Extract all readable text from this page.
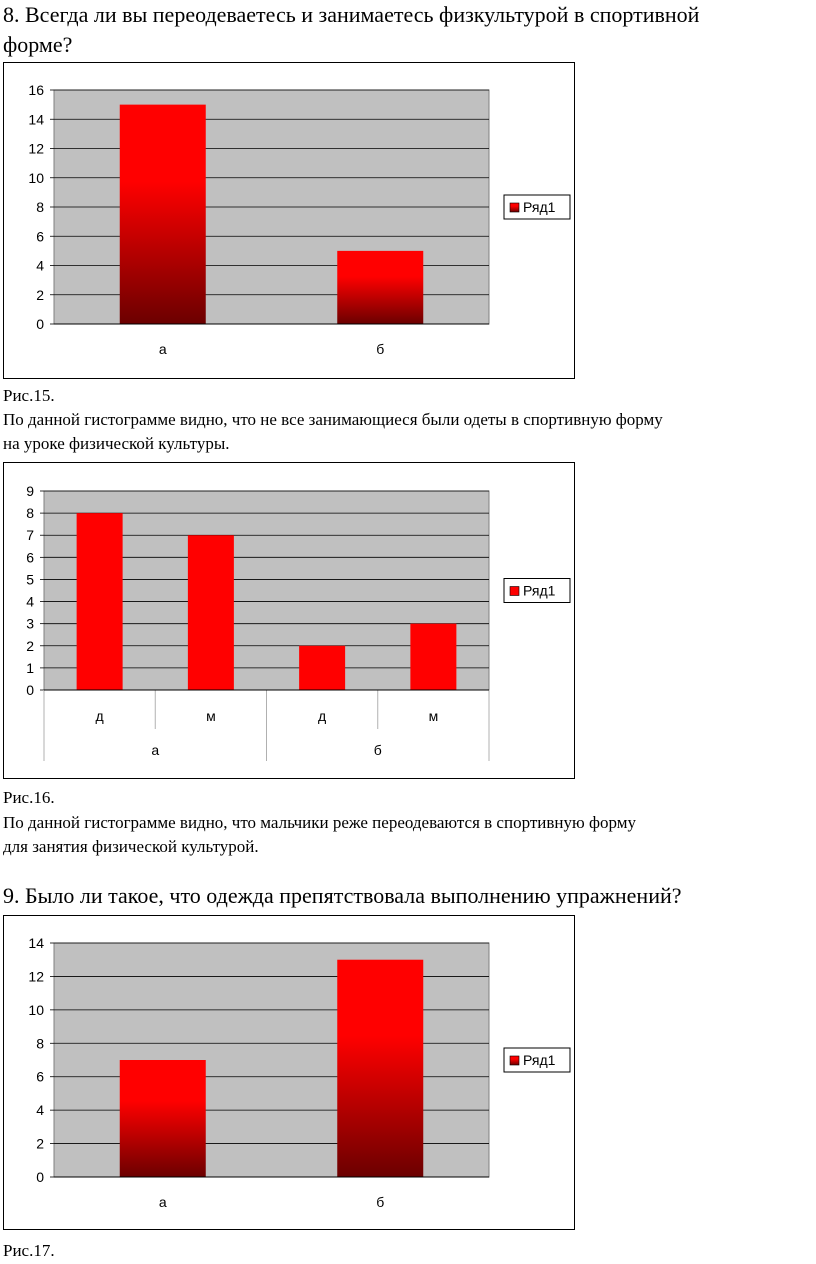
8. Всегда ли вы переодеваетесь и занимаетесь физкультурой в спортивной
форме?
0
2
4
6
8
10
12
14
16
а	б
Ряд1
Рис.15.
По данной гистограмме видно, что не все занимающиеся были одеты в спортивную форму
на уроке физической культуры.
0
1
2
3
4
5
6
7
8
9
д	м	д	м
а	б
Ряд1
Рис.16.
По данной гистограмме видно, что мальчики реже переодеваются в спортивную форму
для занятия физической культурой.
9. Было ли такое, что одежда препятствовала выполнению упражнений?
0
2
4
6
8
10
12
14
а	б
Ряд1
Рис.17.
